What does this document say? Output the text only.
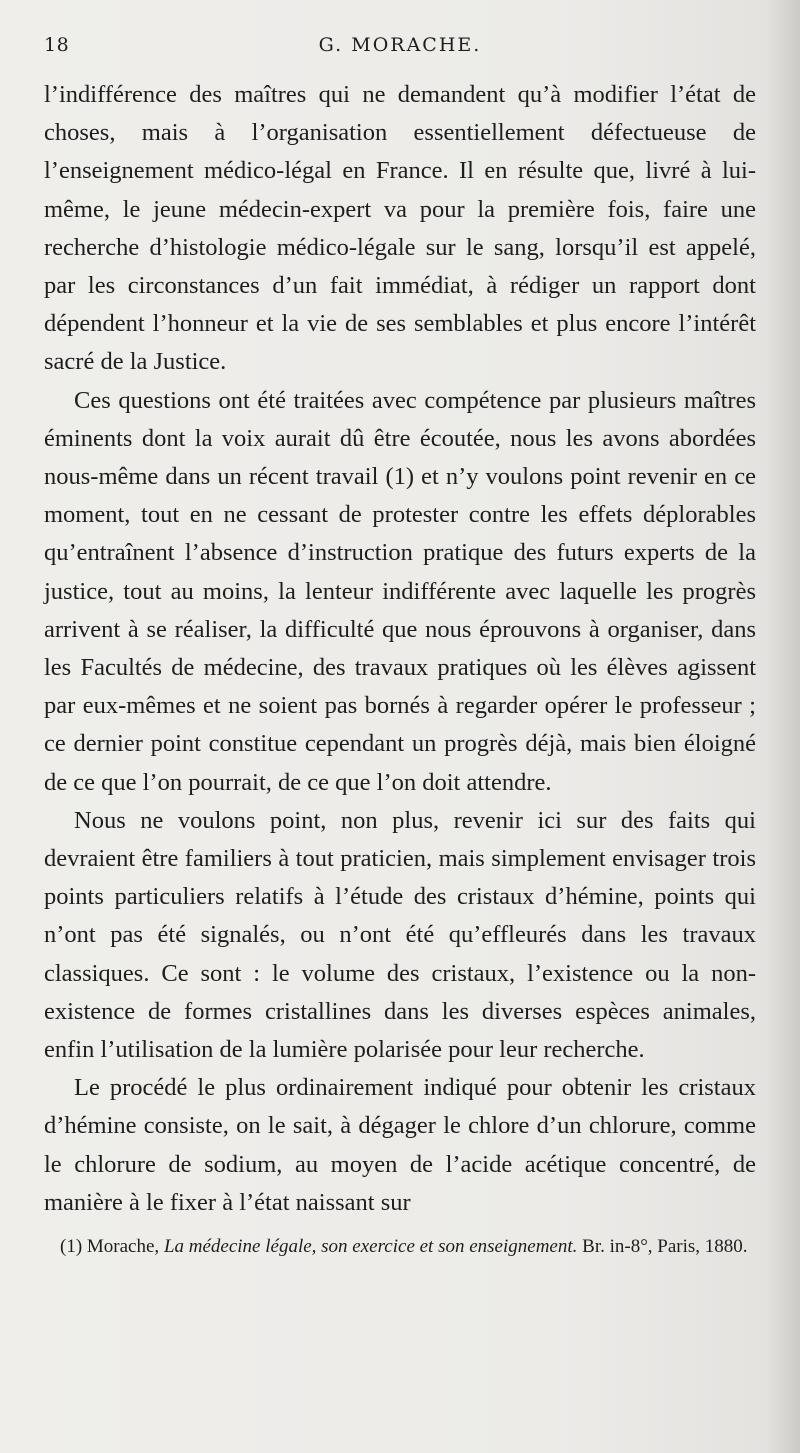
18	G. MORACHE.

l’indifférence des maîtres qui ne demandent qu’à modifier l’état de choses, mais à l’organisation essentiellement défectueuse de l’enseignement médico-légal en France. Il en résulte que, livré à lui-même, le jeune médecin-expert va pour la première fois, faire une recherche d’histologie médico-légale sur le sang, lorsqu’il est appelé, par les circonstances d’un fait immédiat, à rédiger un rapport dont dépendent l’honneur et la vie de ses semblables et plus encore l’intérêt sacré de la Justice.

Ces questions ont été traitées avec compétence par plusieurs maîtres éminents dont la voix aurait dû être écoutée, nous les avons abordées nous-même dans un récent travail (1) et n’y voulons point revenir en ce moment, tout en ne cessant de protester contre les effets déplorables qu’entraînent l’absence d’instruction pratique des futurs experts de la justice, tout au moins, la lenteur indifférente avec laquelle les progrès arrivent à se réaliser, la difficulté que nous éprouvons à organiser, dans les Facultés de médecine, des travaux pratiques où les élèves agissent par eux-mêmes et ne soient pas bornés à regarder opérer le professeur ; ce dernier point constitue cependant un progrès déjà, mais bien éloigné de ce que l’on pourrait, de ce que l’on doit attendre.

Nous ne voulons point, non plus, revenir ici sur des faits qui devraient être familiers à tout praticien, mais simplement envisager trois points particuliers relatifs à l’étude des cristaux d’hémine, points qui n’ont pas été signalés, ou n’ont été qu’effleurés dans les travaux classiques. Ce sont : le volume des cristaux, l’existence ou la non-existence de formes cristallines dans les diverses espèces animales, enfin l’utilisation de la lumière polarisée pour leur recherche.

Le procédé le plus ordinairement indiqué pour obtenir les cristaux d’hémine consiste, on le sait, à dégager le chlore d’un chlorure, comme le chlorure de sodium, au moyen de l’acide acétique concentré, de manière à le fixer à l’état naissant sur

(1) Morache, La médecine légale, son exercice et son enseignement. Br. in-8°, Paris, 1880.
